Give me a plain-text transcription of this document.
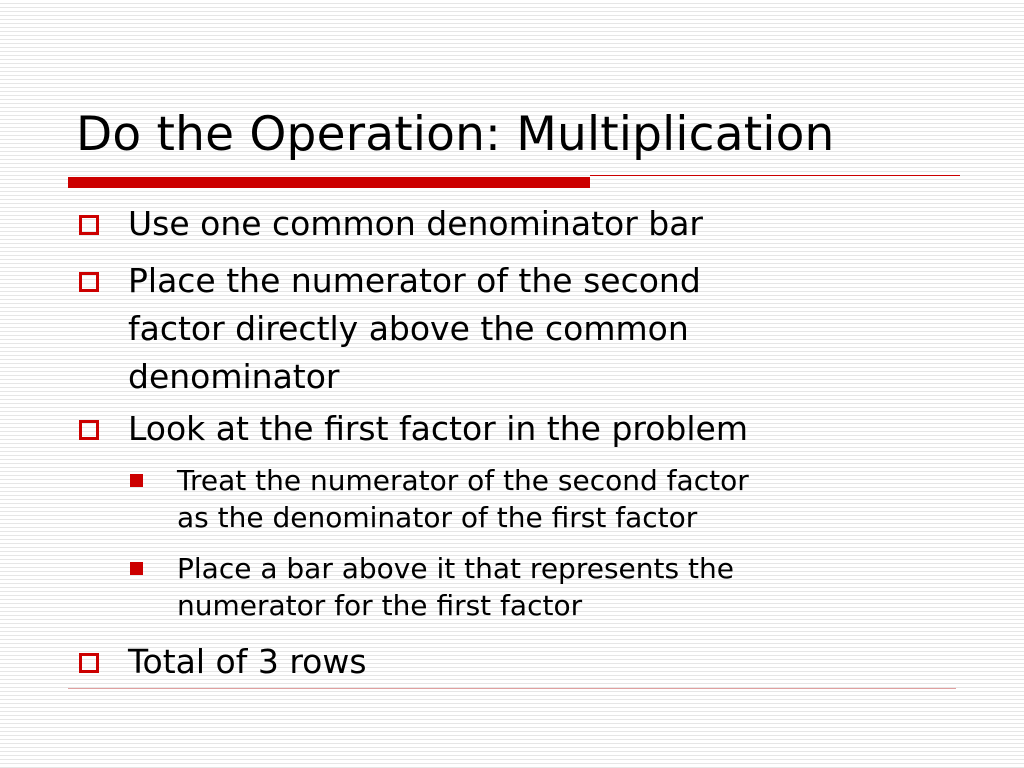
Do the Operation: Multiplication
Use one common denominator bar
Place the numerator of the second
factor directly above the common
denominator
Look at the first factor in the problem
Treat the numerator of the second factor
as the denominator of the first factor
Place a bar above it that represents the
numerator for the first factor
Total of 3 rows
